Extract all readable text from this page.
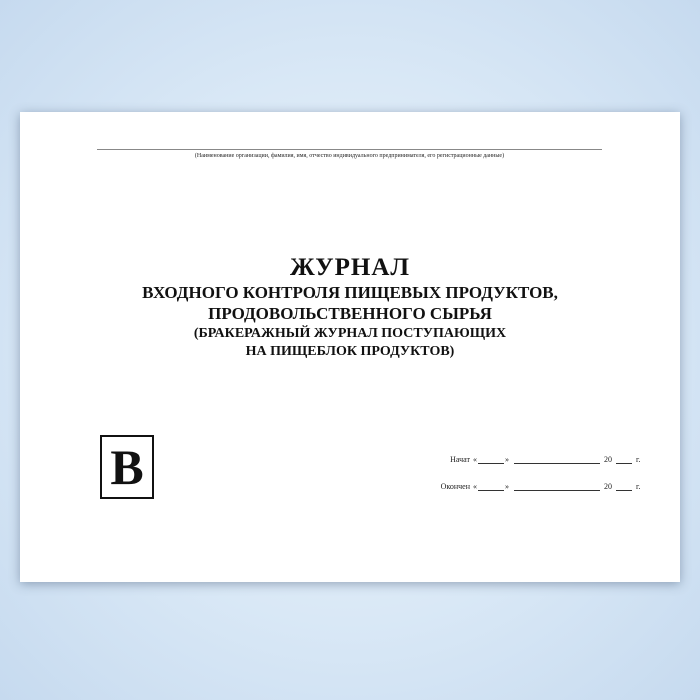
(Наименование организации, фамилия, имя, отчество индивидуального предпринимателя, его регистрационные данные)
ЖУРНАЛ
ВХОДНОГО КОНТРОЛЯ ПИЩЕВЫХ ПРОДУКТОВ,
ПРОДОВОЛЬСТВЕННОГО СЫРЬЯ
(БРАКЕРАЖНЫЙ ЖУРНАЛ ПОСТУПАЮЩИХ
НА ПИЩЕБЛОК ПРОДУКТОВ)
В	Начат «	»	20	г.
Окончен «	»	20	г.
